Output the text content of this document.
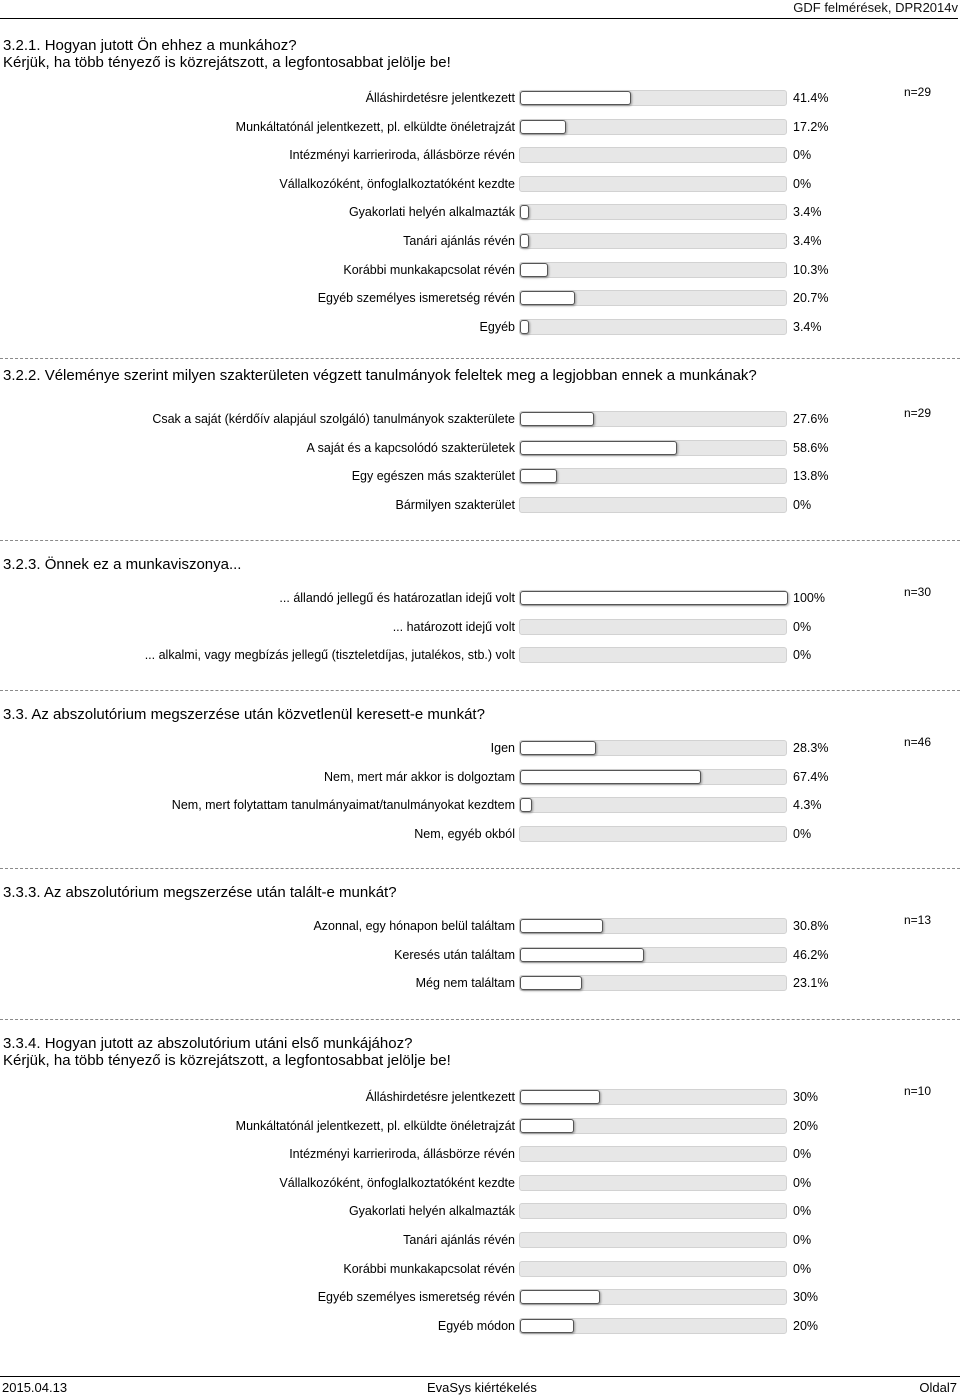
GDF felmérések, DPR2014v
3.2.1. Hogyan jutott Ön ehhez a munkához?
Kérjük, ha több tényező is közrejátszott, a legfontosabbat jelölje be!
n=29
Álláshirdetésre jelentkezett	41.4%
Munkáltatónál jelentkezett, pl. elküldte önéletrajzát	17.2%
Intézményi karrieriroda, állásbörze révén	0%
Vállalkozóként, önfoglalkoztatóként kezdte	0%
Gyakorlati helyén alkalmazták	3.4%
Tanári ajánlás révén	3.4%
Korábbi munkakapcsolat révén	10.3%
Egyéb személyes ismeretség révén	20.7%
Egyéb	3.4%
3.2.2. Véleménye szerint milyen szakterületen végzett tanulmányok feleltek meg a legjobban ennek a munkának?
n=29
Csak a saját (kérdőív alapjául szolgáló) tanulmányok szakterülete	27.6%
A saját és a kapcsolódó szakterületek	58.6%
Egy egészen más szakterület	13.8%
Bármilyen szakterület	0%
3.2.3. Önnek ez a munkaviszonya...
n=30
... állandó jellegű és határozatlan idejű volt	100%
... határozott idejű volt	0%
... alkalmi, vagy megbízás jellegű (tiszteletdíjas, jutalékos, stb.) volt	0%
3.3. Az abszolutórium megszerzése után közvetlenül keresett-e munkát?
n=46
Igen	28.3%
Nem, mert már akkor is dolgoztam	67.4%
Nem, mert folytattam tanulmányaimat/tanulmányokat kezdtem	4.3%
Nem, egyéb okból	0%
3.3.3. Az abszolutórium megszerzése után talált-e munkát?
n=13
Azonnal, egy hónapon belül találtam	30.8%
Keresés után találtam	46.2%
Még nem találtam	23.1%
3.3.4. Hogyan jutott az abszolutórium utáni első munkájához?
Kérjük, ha több tényező is közrejátszott, a legfontosabbat jelölje be!
n=10
Álláshirdetésre jelentkezett	30%
Munkáltatónál jelentkezett, pl. elküldte önéletrajzát	20%
Intézményi karrieriroda, állásbörze révén	0%
Vállalkozóként, önfoglalkoztatóként kezdte	0%
Gyakorlati helyén alkalmazták	0%
Tanári ajánlás révén	0%
Korábbi munkakapcsolat révén	0%
Egyéb személyes ismeretség révén	30%
Egyéb módon	20%
2015.04.13	EvaSys kiértékelés	Oldal7
